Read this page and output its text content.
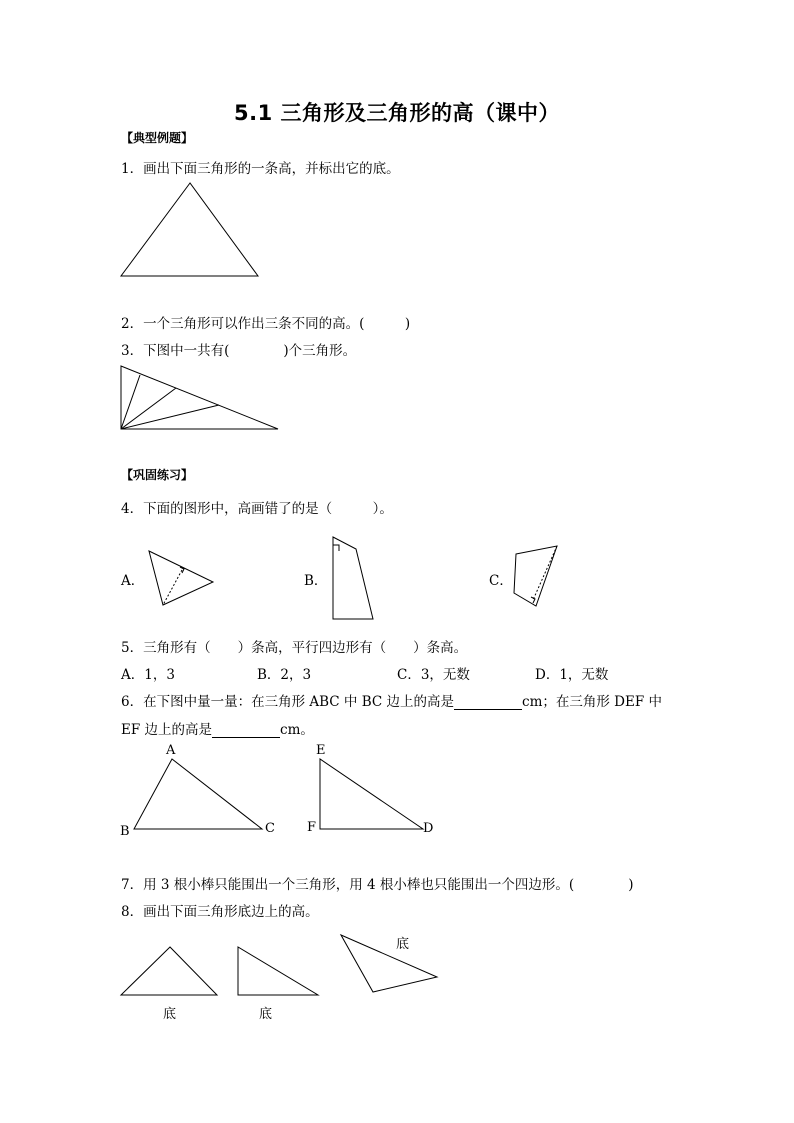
5.1 三角形及三角形的高（课中）
【典型例题】
1．画出下面三角形的一条高，并标出它的底。
2．一个三角形可以作出三条不同的高。(　　　)
3．下图中一共有(　　　　)个三角形。
【巩固练习】
4．下面的图形中，高画错了的是（　　　）。
A．	B．	C．
5．三角形有（　　）条高，平行四边形有（　　）条高。
A．1，3	B．2，3	C．3，无数	D．1，无数
6．在下图中量一量：在三角形 ABC 中 BC 边上的高是	cm；在三角形 DEF 中
EF 边上的高是	cm。
A
B	C
E
F	D
7．用 3 根小棒只能围出一个三角形，用 4 根小棒也只能围出一个四边形。(　　　　)
8．画出下面三角形底边上的高。
底	底
底
